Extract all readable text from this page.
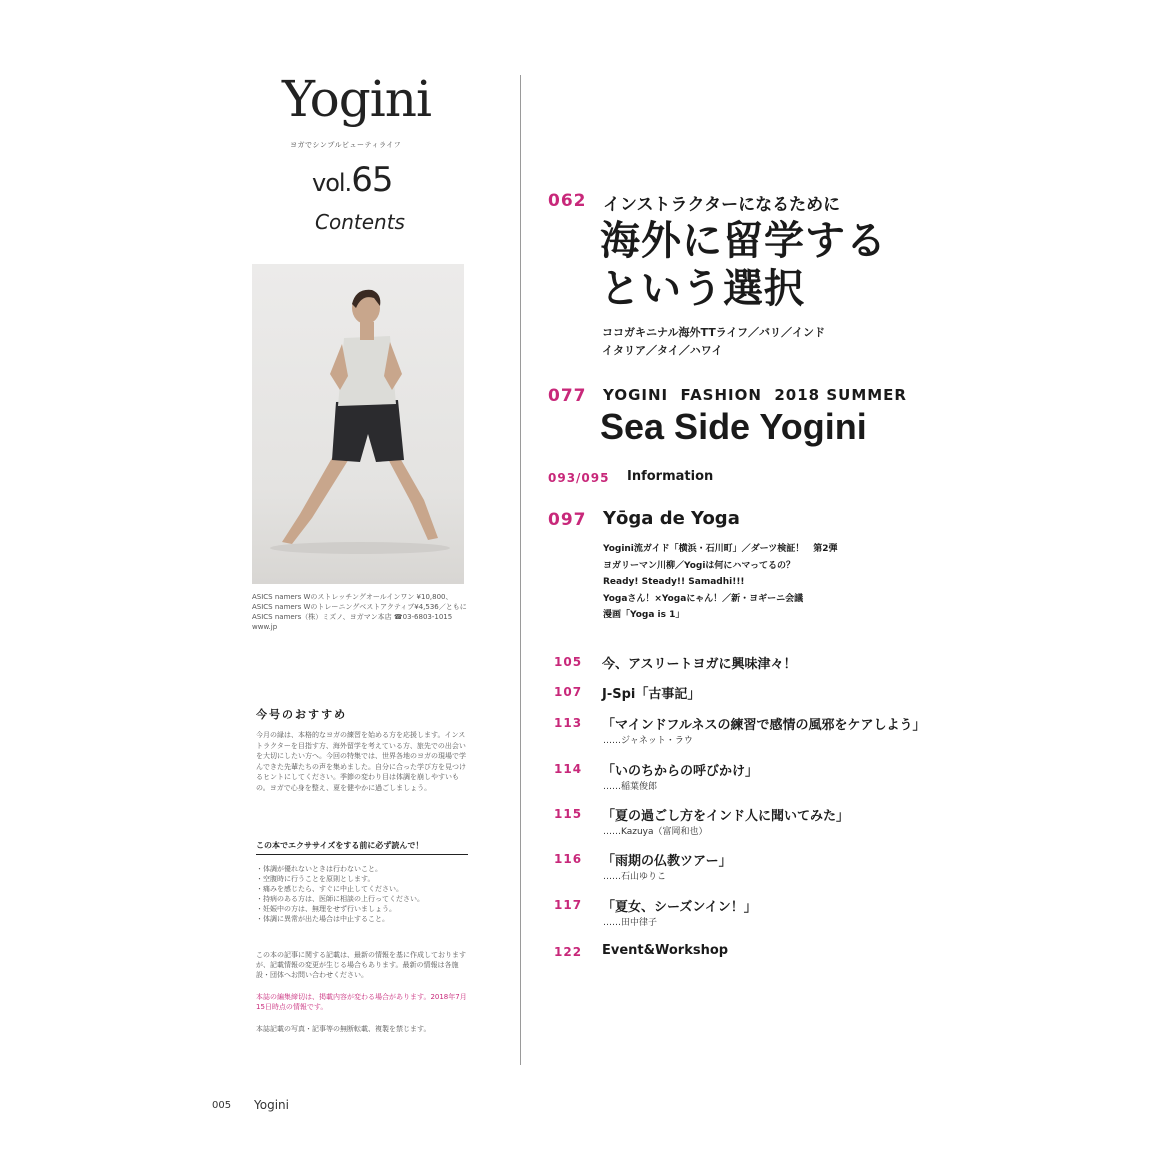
Yogini
ヨガでシンプルビューティライフ
vol.65
Contents
ASICS namers Wのストレッチングオールインワン ¥10,800、ASICS namers Wのトレーニングベストアクティブ¥4,536／ともにASICS namers（株）ミズノ、ヨガマン本店 ☎03-6803-1015 www.jp
今号のおすすめ
今月の縁は、本格的なヨガの練習を始める方を応援します。インストラクターを目指す方、海外留学を考えている方、旅先での出会いを大切にしたい方へ。今回の特集では、世界各地のヨガの現場で学んできた先輩たちの声を集めました。自分に合った学び方を見つけるヒントにしてください。季節の変わり目は体調を崩しやすいもの。ヨガで心身を整え、夏を健やかに過ごしましょう。
この本でエクササイズをする前に必ず読んで！
・体調が優れないときは行わないこと。
・空腹時に行うことを原則とします。
・痛みを感じたら、すぐに中止してください。
・持病のある方は、医師に相談の上行ってください。
・妊娠中の方は、無理をせず行いましょう。
・体調に異常が出た場合は中止すること。
この本の記事に関する記載は、最新の情報を基に作成しておりますが、記載情報の変更が生じる場合もあります。最新の情報は各施設・団体へお問い合わせください。
本誌の編集締切は、掲載内容が変わる場合があります。2018年7月15日時点の情報です。
本誌記載の写真・記事等の無断転載、複製を禁じます。
005 Yogini
062 インストラクターになるために
海外に留学する
という選択
ココガキニナル海外TTライフ／バリ／インド
イタリア／タイ／ハワイ
077 YOGINI  FASHION  2018 SUMMER
Sea Side Yogini
093/095 Information
097 Yōga de Yoga
Yogini流ガイド「横浜・石川町」／ダーツ検証！　第2弾
ヨガリーマン川柳／Yogiは何にハマってるの？
Ready! Steady!! Samadhi!!!
Yogaさん！×Yogaにゃん！／新・ヨギーニ会議
漫画「Yoga is 1」
105 今、アスリートヨガに興味津々！
107 J-Spi「古事記」
113 「マインドフルネスの練習で感情の風邪をケアしよう」
……ジャネット・ラウ
114 「いのちからの呼びかけ」
……稲葉俊郎
115 「夏の過ごし方をインド人に聞いてみた」
……Kazuya（富岡和也）
116 「雨期の仏教ツアー」
……石山ゆりこ
117 「夏女、シーズンイン！」
……田中律子
122 Event&Workshop
